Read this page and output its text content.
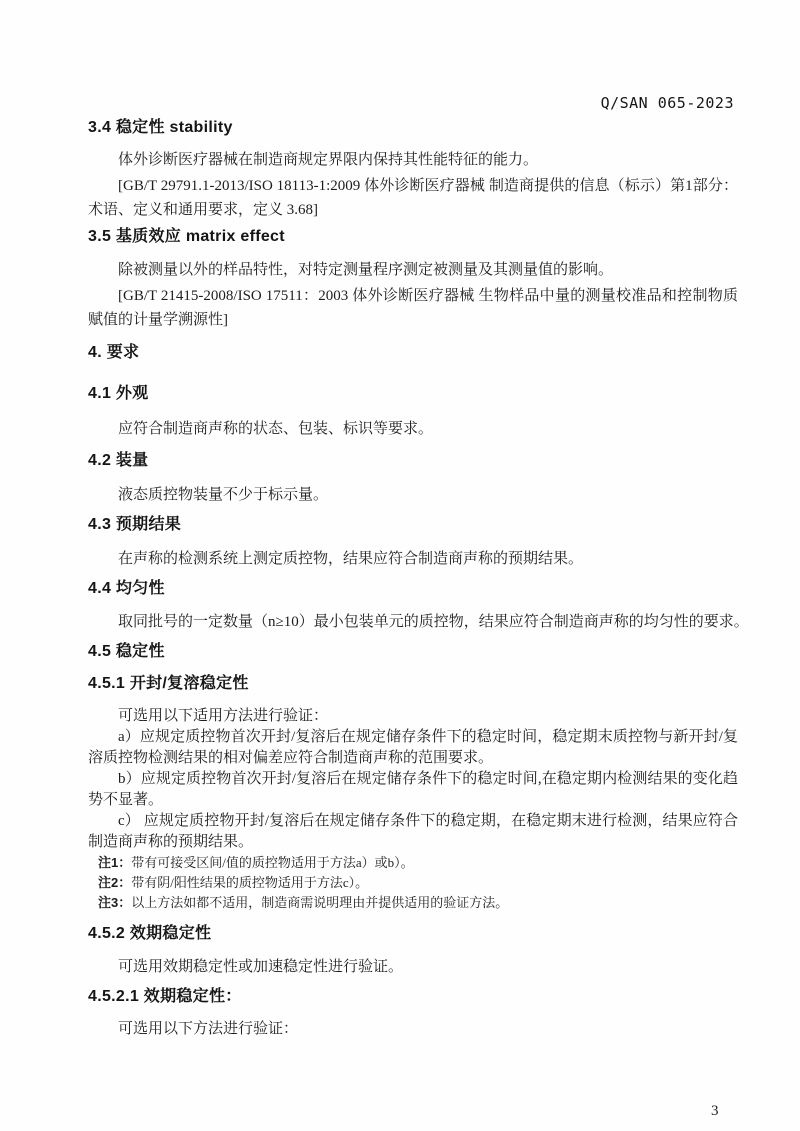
Q/SAN 065-2023
3.4 稳定性 stability
体外诊断医疗器械在制造商规定界限内保持其性能特征的能力。
[GB/T 29791.1-2013/ISO 18113-1:2009 体外诊断医疗器械 制造商提供的信息（标示）第1部分：术语、定义和通用要求，定义 3.68]
3.5 基质效应 matrix effect
除被测量以外的样品特性，对特定测量程序测定被测量及其测量值的影响。
[GB/T 21415-2008/ISO 17511：2003 体外诊断医疗器械 生物样品中量的测量校准品和控制物质赋值的计量学溯源性]
4. 要求
4.1 外观
应符合制造商声称的状态、包装、标识等要求。
4.2 装量
液态质控物装量不少于标示量。
4.3 预期结果
在声称的检测系统上测定质控物，结果应符合制造商声称的预期结果。
4.4 均匀性
取同批号的一定数量（n≥10）最小包装单元的质控物，结果应符合制造商声称的均匀性的要求。
4.5 稳定性
4.5.1 开封/复溶稳定性
可选用以下适用方法进行验证：
a）应规定质控物首次开封/复溶后在规定储存条件下的稳定时间，稳定期末质控物与新开封/复溶质控物检测结果的相对偏差应符合制造商声称的范围要求。
b）应规定质控物首次开封/复溶后在规定储存条件下的稳定时间,在稳定期内检测结果的变化趋势不显著。
c） 应规定质控物开封/复溶后在规定储存条件下的稳定期，在稳定期末进行检测，结果应符合制造商声称的预期结果。
注1：带有可接受区间/值的质控物适用于方法a）或b）。
注2：带有阴/阳性结果的质控物适用于方法c）。
注3：以上方法如都不适用，制造商需说明理由并提供适用的验证方法。
4.5.2 效期稳定性
可选用效期稳定性或加速稳定性进行验证。
4.5.2.1 效期稳定性：
可选用以下方法进行验证：
3
